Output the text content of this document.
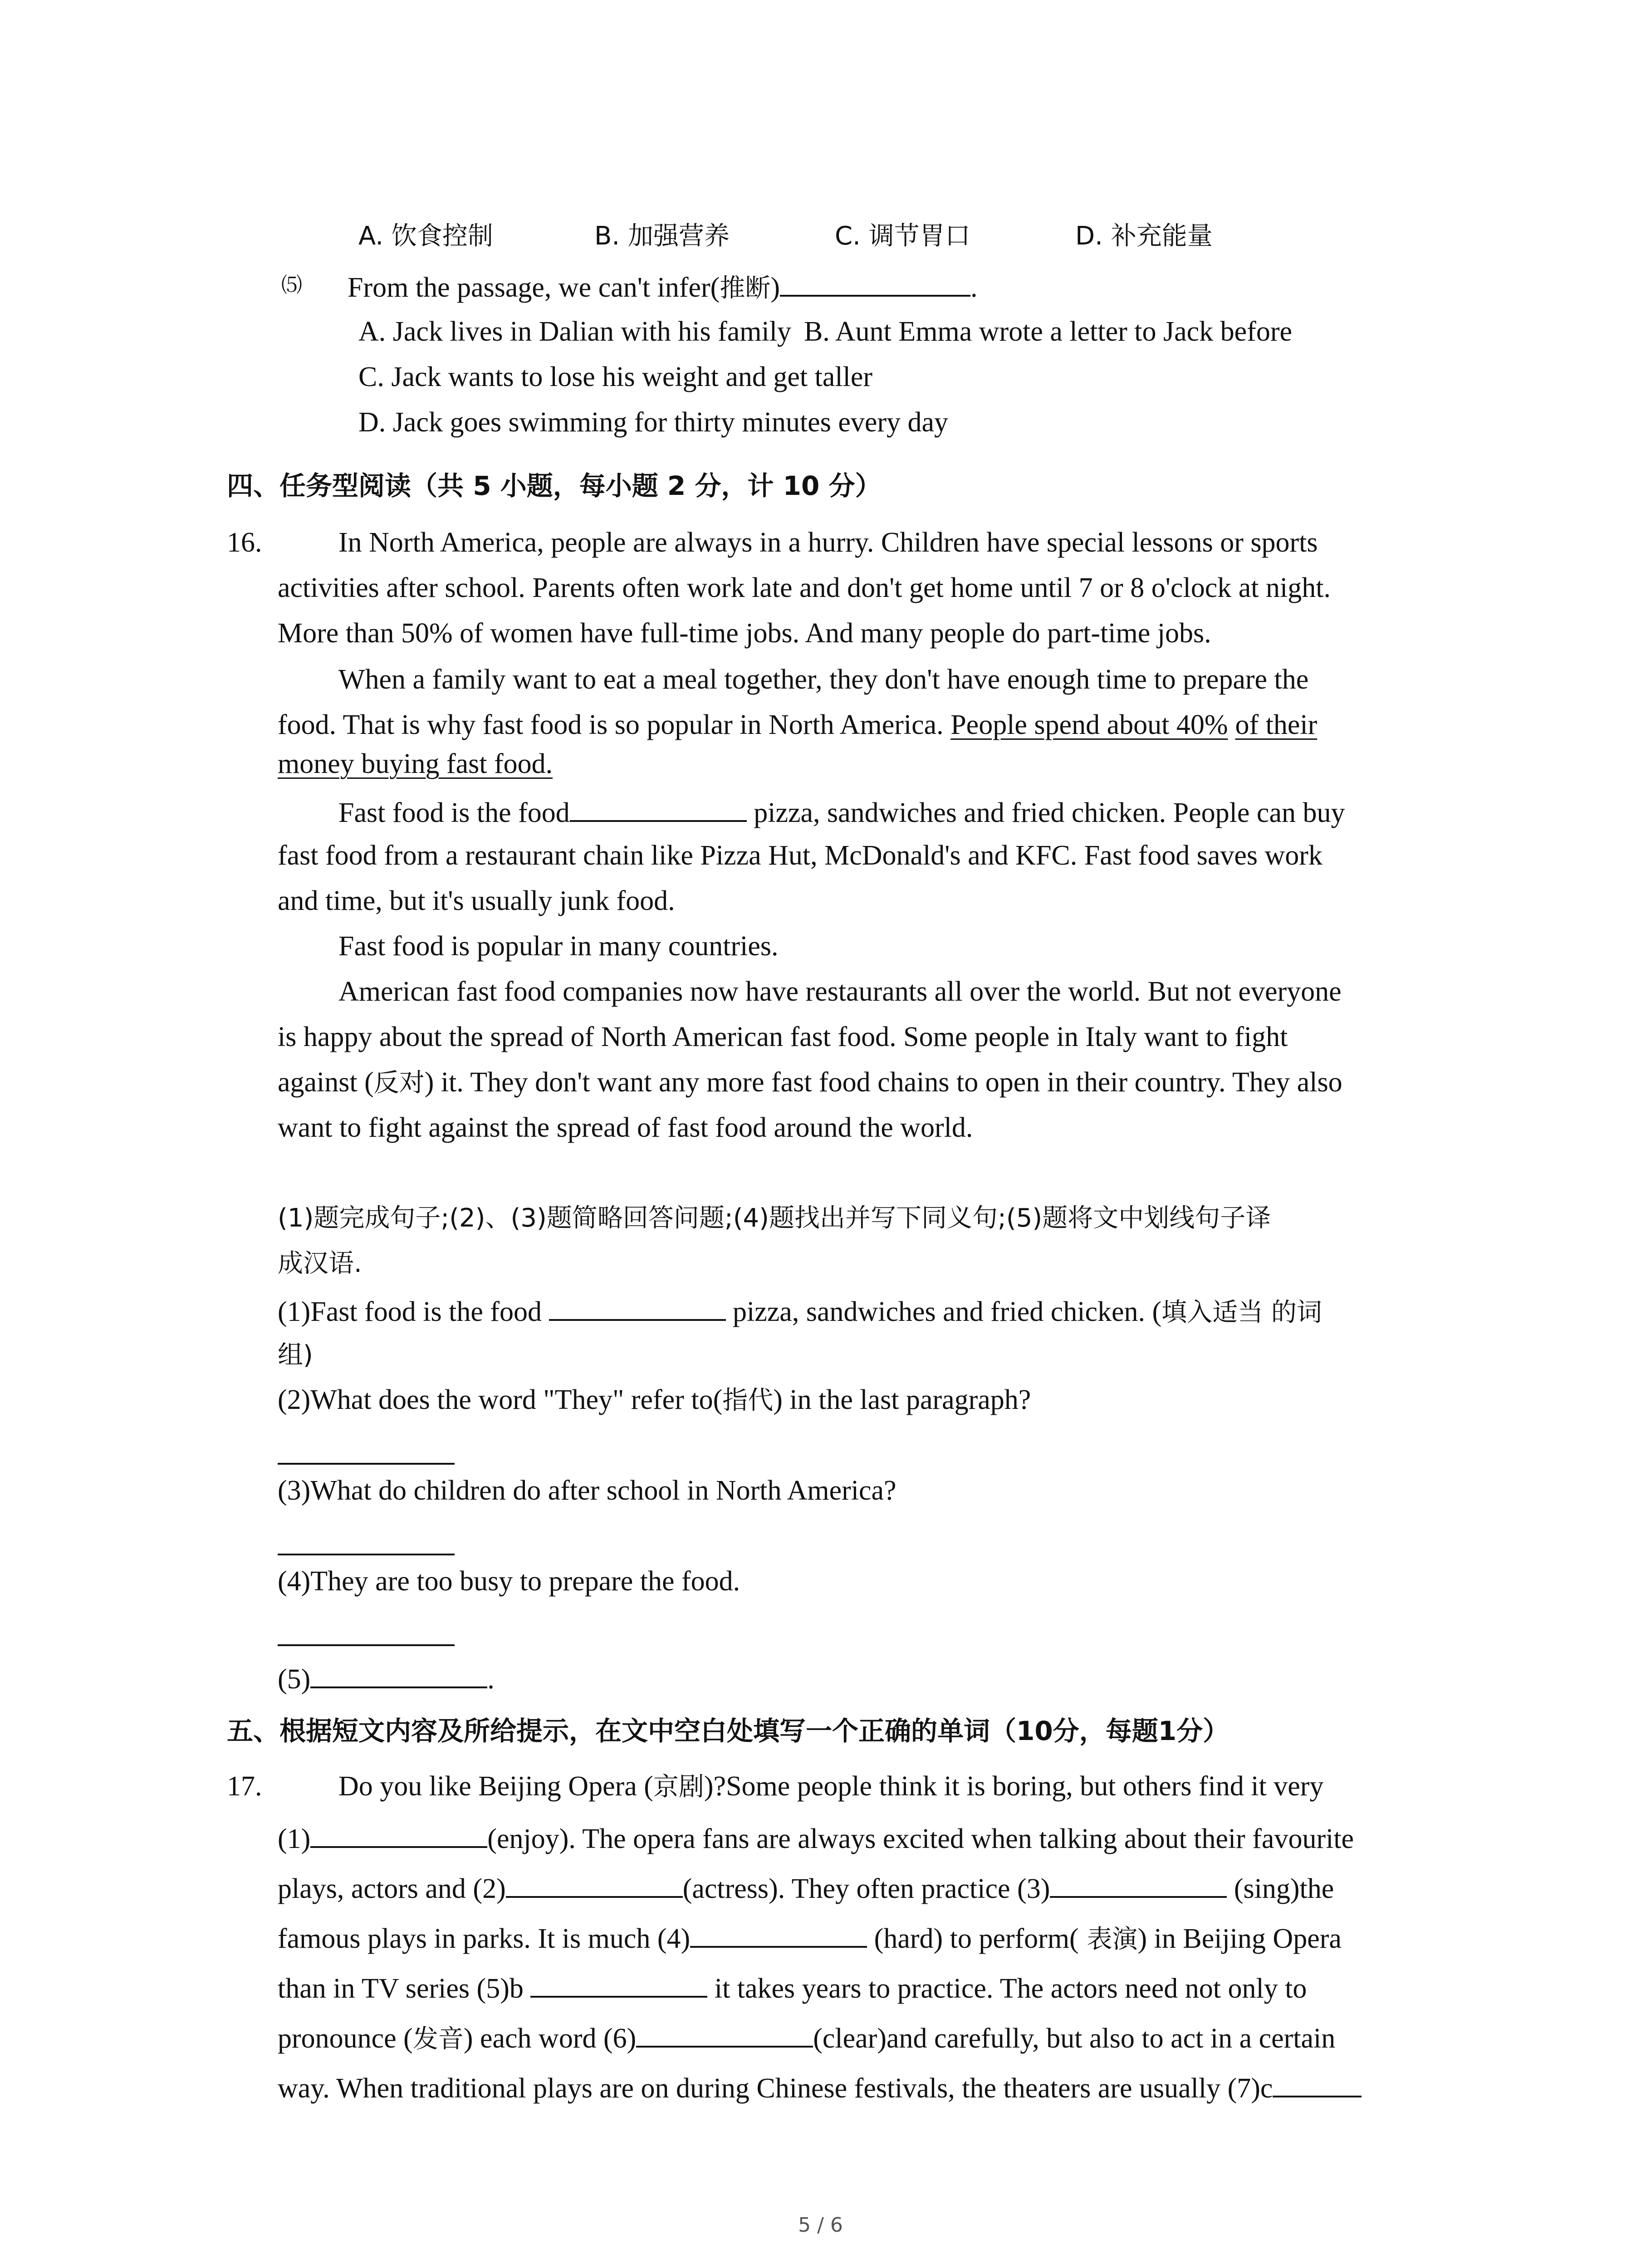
A. 饮食控制	B. 加强营养	C. 调节胃口	D. 补充能量
⑸ From the passage, we can't infer(推断)	.
A. Jack lives in Dalian with his family B. Aunt Emma wrote a letter to Jack before
C. Jack wants to lose his weight and get taller
D. Jack goes swimming for thirty minutes every day
四、任务型阅读（共 5 小题，每小题 2 分，计 10 分）
16.	In North America, people are always in a hurry. Children have special lessons or sports
activities after school. Parents often work late and don't get home until 7 or 8 o'clock at night.
More than 50% of women have full-time jobs. And many people do part-time jobs.
When a family want to eat a meal together, they don't have enough time to prepare the
food. That is why fast food is so popular in North America. People spend about 40% of their
money buying fast food.
Fast food is the food	pizza, sandwiches and fried chicken. People can buy
fast food from a restaurant chain like Pizza Hut, McDonald's and KFC. Fast food saves work
and time, but it's usually junk food.
Fast food is popular in many countries.
American fast food companies now have restaurants all over the world. But not everyone
is happy about the spread of North American fast food. Some people in Italy want to fight
against (反对) it. They don't want any more fast food chains to open in their country. They also
want to fight against the spread of fast food around the world.
(1)题完成句子;(2)、(3)题简略回答问题;(4)题找出并写下同义句;(5)题将文中划线句子译
成汉语.
(1)Fast food is the food	pizza, sandwiches and fried chicken. (填入适当 的词
组)
(2)What does the word "They" refer to(指代) in the last paragraph?
(3)What do children do after school in North America?
(4)They are too busy to prepare the food.
(5)	.
五、根据短文内容及所给提示，在文中空白处填写一个正确的单词（10分，每题1分）
17.	Do you like Beijing Opera (京剧)?Some people think it is boring, but others find it very
(1)	(enjoy). The opera fans are always excited when talking about their favourite
plays, actors and (2)	(actress). They often practice (3)	(sing)the
famous plays in parks. It is much (4)	(hard) to perform( 表演) in Beijing Opera
than in TV series (5)b	it takes years to practice. The actors need not only to
pronounce (发音) each word (6)	(clear)and carefully, but also to act in a certain
way. When traditional plays are on during Chinese festivals, the theaters are usually (7)c
5 / 6
